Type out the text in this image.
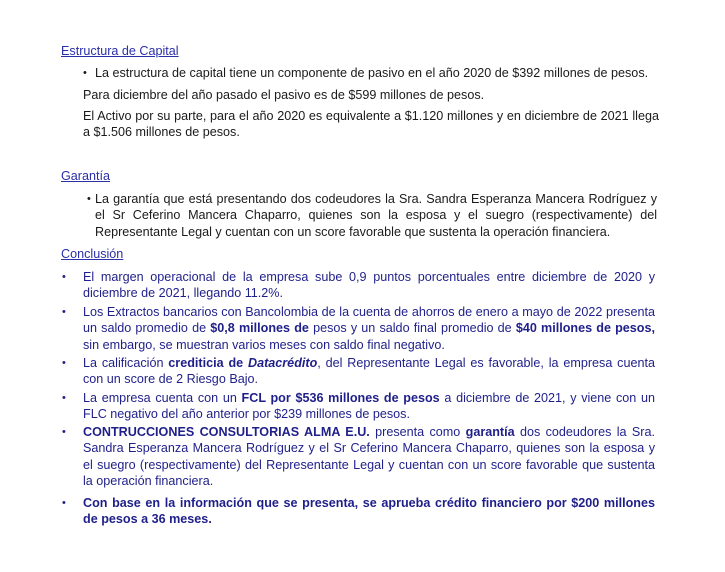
Estructura de Capital
• La estructura de capital tiene un componente de pasivo en el año 2020 de $392 millones de pesos.
Para diciembre del año pasado el pasivo es de $599 millones de pesos.
El Activo por su parte, para el año 2020 es equivalente a $1.120 millones y en diciembre de 2021 llega a $1.506 millones de pesos.
Garantía
• La garantía que está presentando dos codeudores la Sra. Sandra Esperanza Mancera Rodríguez y el Sr Ceferino Mancera Chaparro, quienes son la esposa y el suegro (respectivamente) del Representante Legal y cuentan con un score favorable que sustenta la operación financiera.
Conclusión
• El margen operacional de la empresa sube 0,9 puntos porcentuales entre diciembre de 2020 y diciembre de 2021, llegando 11.2%.
• Los Extractos bancarios con Bancolombia de la cuenta de ahorros de enero a mayo de 2022 presenta un saldo promedio de $0,8 millones de pesos y un saldo final promedio de $40 millones de pesos, sin embargo, se muestran varios meses con saldo final negativo.
• La calificación crediticia de Datacrédito, del Representante Legal es favorable, la empresa cuenta con un score de 2 Riesgo Bajo.
• La empresa cuenta con un FCL por $536 millones de pesos a diciembre de 2021, y viene con un FLC negativo del año anterior por $239 millones de pesos.
• CONTRUCCIONES CONSULTORIAS ALMA E.U. presenta como garantía dos codeudores la Sra. Sandra Esperanza Mancera Rodríguez y el Sr Ceferino Mancera Chaparro, quienes son la esposa y el suegro (respectivamente) del Representante Legal y cuentan con un score favorable que sustenta la operación financiera.
• Con base en la información que se presenta, se aprueba crédito financiero por $200 millones de pesos a 36 meses.
